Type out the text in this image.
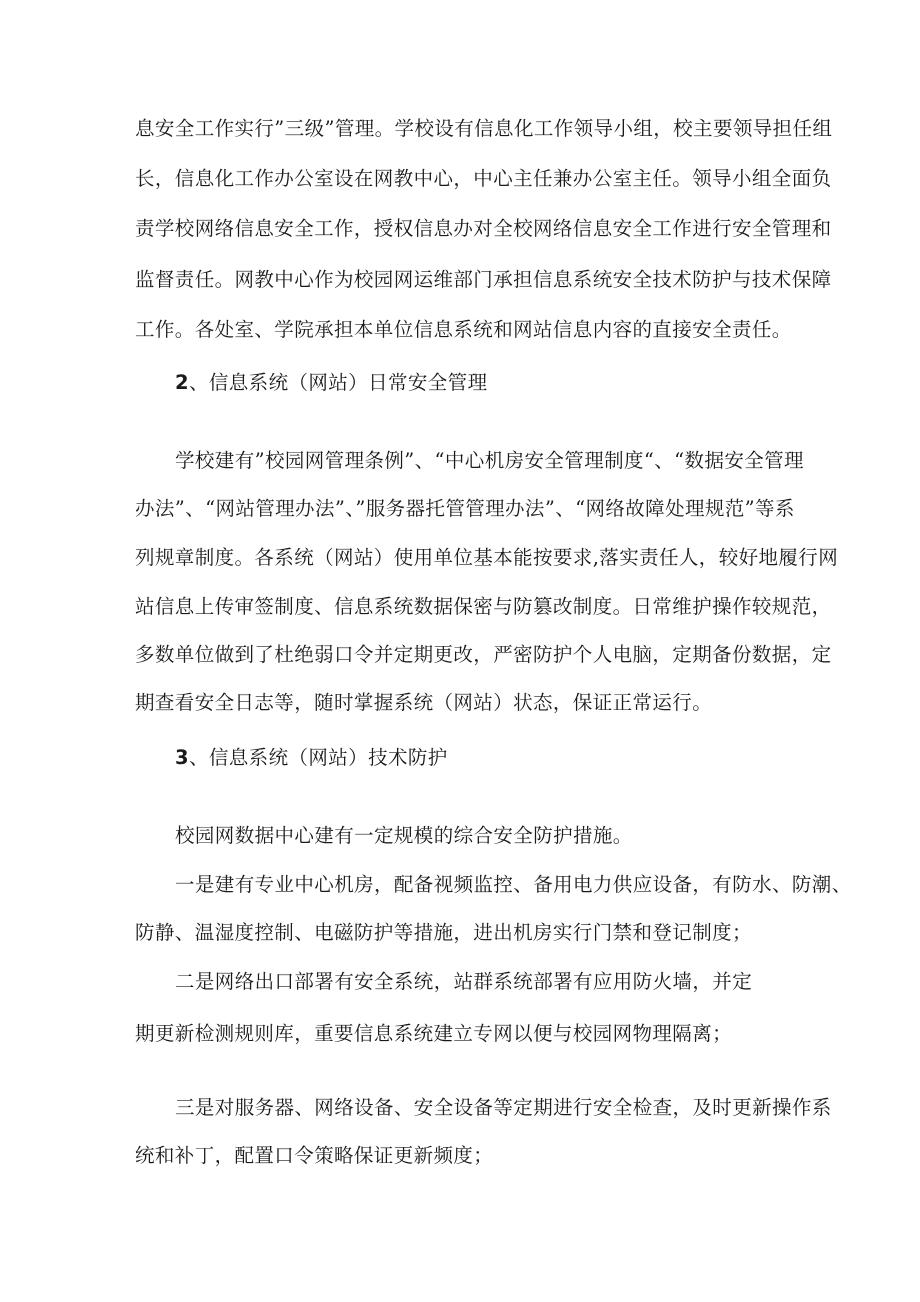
息安全工作实行”三级”管理。学校设有信息化工作领导小组，校主要领导担任组
长，信息化工作办公室设在网教中心，中心主任兼办公室主任。领导小组全面负
责学校网络信息安全工作，授权信息办对全校网络信息安全工作进行安全管理和
监督责任。网教中心作为校园网运维部门承担信息系统安全技术防护与技术保障
工作。各处室、学院承担本单位信息系统和网站信息内容的直接安全责任。
2、信息系统（网站）日常安全管理
学校建有”校园网管理条例”、“中心机房安全管理制度“、“数据安全管理
办法”、“网站管理办法”、”服务器托管管理办法”、“网络故障处理规范”等系
列规章制度。各系统（网站）使用单位基本能按要求,落实责任人，较好地履行网
站信息上传审签制度、信息系统数据保密与防篡改制度。日常维护操作较规范，
多数单位做到了杜绝弱口令并定期更改，严密防护个人电脑，定期备份数据，定
期查看安全日志等，随时掌握系统（网站）状态，保证正常运行。
3、信息系统（网站）技术防护
校园网数据中心建有一定规模的综合安全防护措施。
一是建有专业中心机房，配备视频监控、备用电力供应设备，有防水、防潮、
防静、温湿度控制、电磁防护等措施，进出机房实行门禁和登记制度；
二是网络出口部署有安全系统，站群系统部署有应用防火墙，并定
期更新检测规则库，重要信息系统建立专网以便与校园网物理隔离；
三是对服务器、网络设备、安全设备等定期进行安全检查，及时更新操作系
统和补丁，配置口令策略保证更新频度；
